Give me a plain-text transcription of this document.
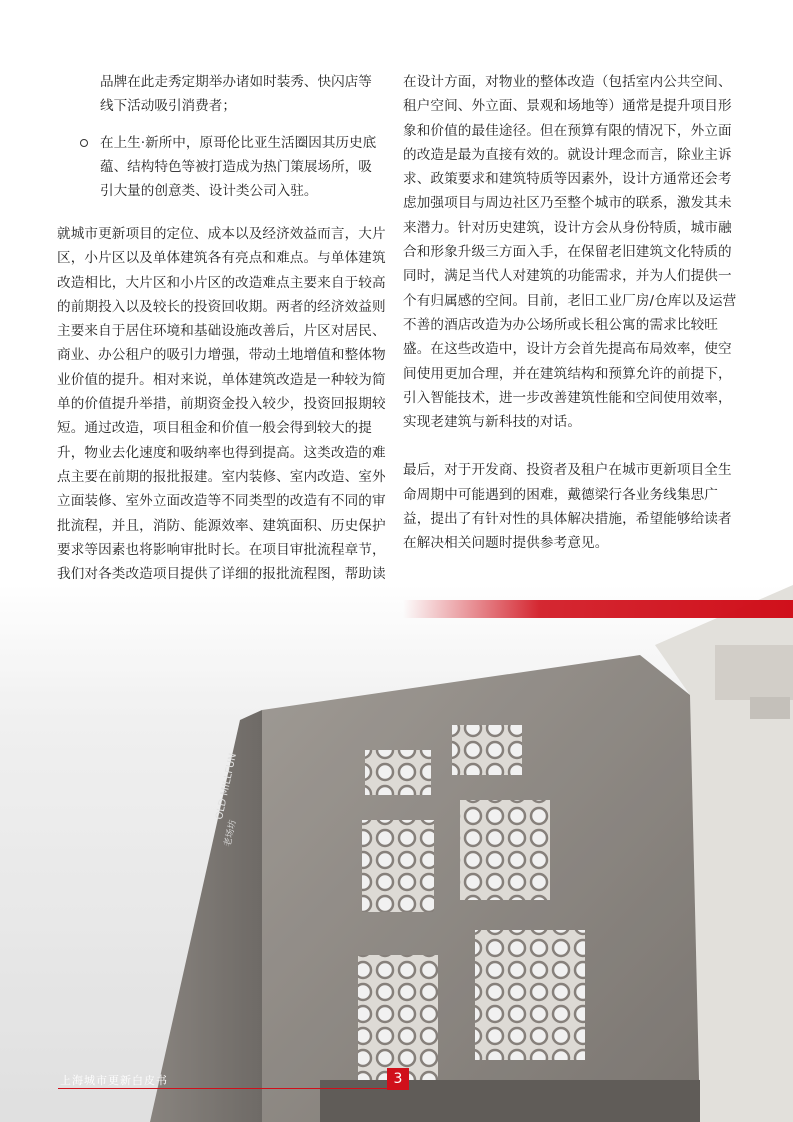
品牌在此走秀定期举办诸如时装秀、快闪店等线下活动吸引消费者；

在上生·新所中，原哥伦比亚生活圈因其历史底蕴、结构特色等被打造成为热门策展场所，吸引大量的创意类、设计类公司入驻。

就城市更新项目的定位、成本以及经济效益而言，大片区，小片区以及单体建筑各有亮点和难点。与单体建筑改造相比，大片区和小片区的改造难点主要来自于较高的前期投入以及较长的投资回收期。两者的经济效益则主要来自于居住环境和基础设施改善后，片区对居民、商业、办公租户的吸引力增强，带动土地增值和整体物业价值的提升。相对来说，单体建筑改造是一种较为简单的价值提升举措，前期资金投入较少，投资回报期较短。通过改造，项目租金和价值一般会得到较大的提升，物业去化速度和吸纳率也得到提高。这类改造的难点主要在前期的报批报建。室内装修、室内改造、室外立面装修、室外立面改造等不同类型的改造有不同的审批流程，并且，消防、能源效率、建筑面积、历史保护要求等因素也将影响审批时长。在项目审批流程章节，我们对各类改造项目提供了详细的报批流程图，帮助读

在设计方面，对物业的整体改造（包括室内公共空间、租户空间、外立面、景观和场地等）通常是提升项目形象和价值的最佳途径。但在预算有限的情况下，外立面的改造是最为直接有效的。就设计理念而言，除业主诉求、政策要求和建筑特质等因素外，设计方通常还会考虑加强项目与周边社区乃至整个城市的联系，激发其未来潜力。针对历史建筑，设计方会从身份特质，城市融合和形象升级三方面入手，在保留老旧建筑文化特质的同时，满足当代人对建筑的功能需求，并为人们提供一个有归属感的空间。目前，老旧工业厂房/仓库以及运营不善的酒店改造为办公场所或长租公寓的需求比较旺盛。在这些改造中，设计方会首先提高布局效率，使空间使用更加合理，并在建筑结构和预算允许的前提下，引入智能技术，进一步改善建筑性能和空间使用效率，实现老建筑与新科技的对话。

最后，对于开发商、投资者及租户在城市更新项目全生命周期中可能遇到的困难，戴德梁行各业务线集思广益，提出了有针对性的具体解决措施，希望能够给读者在解决相关问题时提供参考意见。

OLD MILLFUN
老场坊
上海城市更新白皮书	3
